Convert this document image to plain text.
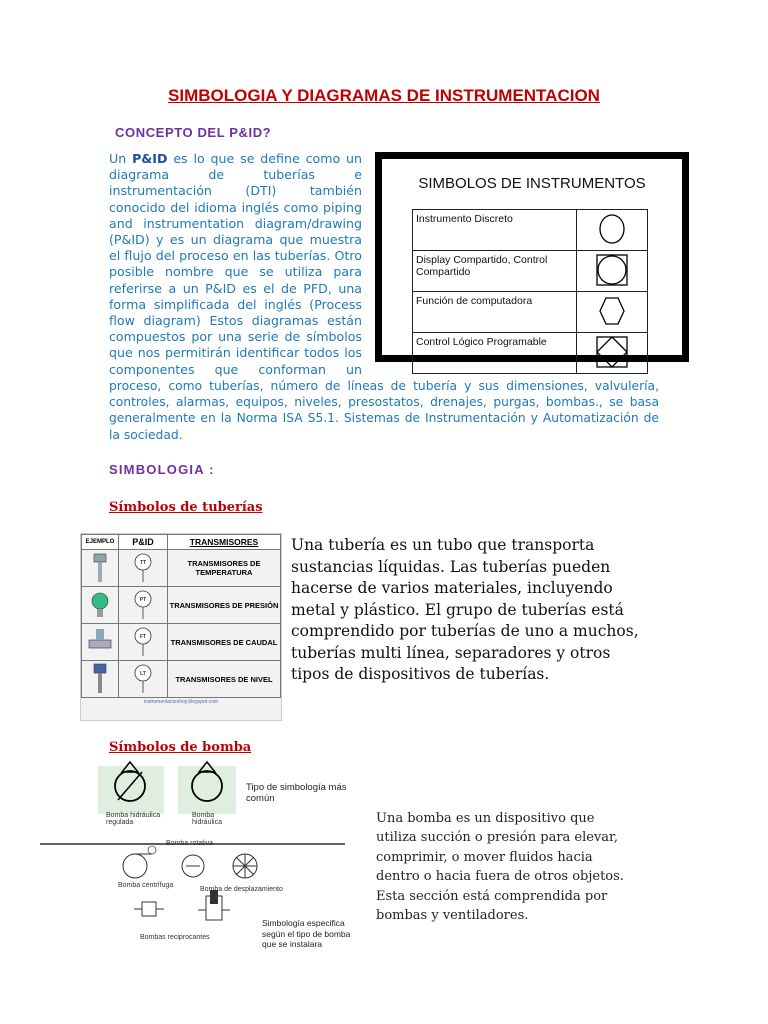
SIMBOLOGIA Y DIAGRAMAS DE INSTRUMENTACION
CONCEPTO DEL P&ID?
Un P&ID es lo que se define como un
diagrama de tuberías e
instrumentación (DTI) también
conocido del idioma inglés como piping
and instrumentation diagram/drawing
(P&ID) y es un diagrama que muestra
el flujo del proceso en las tuberías. Otro
posible nombre que se utiliza para
referirse a un P&ID es el de PFD, una
forma simplificada del inglés (Process
flow diagram) Estos diagramas están
compuestos por una serie de símbolos
que nos permitirán identificar todos los
componentes que conforman un
proceso, como tuberías, número de líneas de tubería y sus dimensiones, valvulería,
controles, alarmas, equipos, niveles, presostatos, drenajes, purgas, bombas., se basa
generalmente en la Norma ISA S5.1. Sistemas de Instrumentación y Automatización de
la sociedad.
SIMBOLOS DE INSTRUMENTOS
Instrumento Discreto	
Display Compartido, Control Compartido	
Función de computadora	
Control Lógico Programable	
SIMBOLOGIA :
Símbolos de tuberías
EJEMPLO	P&ID	TRANSMISORES

TT	TRANSMISORES DE TEMPERATURA

PT	TRANSMISORES DE PRESIÓN

FT	TRANSMISORES DE CAUDAL

LT	TRANSMISORES DE NIVEL
instrumentacionhoy.blogspot.com
Una tubería es un tubo que transporta
sustancias líquidas. Las tuberías pueden
hacerse de varios materiales, incluyendo
metal y plástico. El grupo de tuberías está
comprendido por tuberías de uno a muchos,
tuberías multi línea, separadores y otros
tipos de dispositivos de tuberías.
Símbolos de bomba
Bomba hidráulica regulada
Bomba hidráulica
Tipo de simbología más común
Bomba rotativa
Bomba centrífuga
Bomba de desplazamiento
Bombas reciprocantes
Simbología especifica según el tipo de bomba que se instalara
Una bomba es un dispositivo que
utiliza succión o presión para elevar,
comprimir, o mover fluidos hacia
dentro o hacia fuera de otros objetos.
Esta sección está comprendida por
bombas y ventiladores.
